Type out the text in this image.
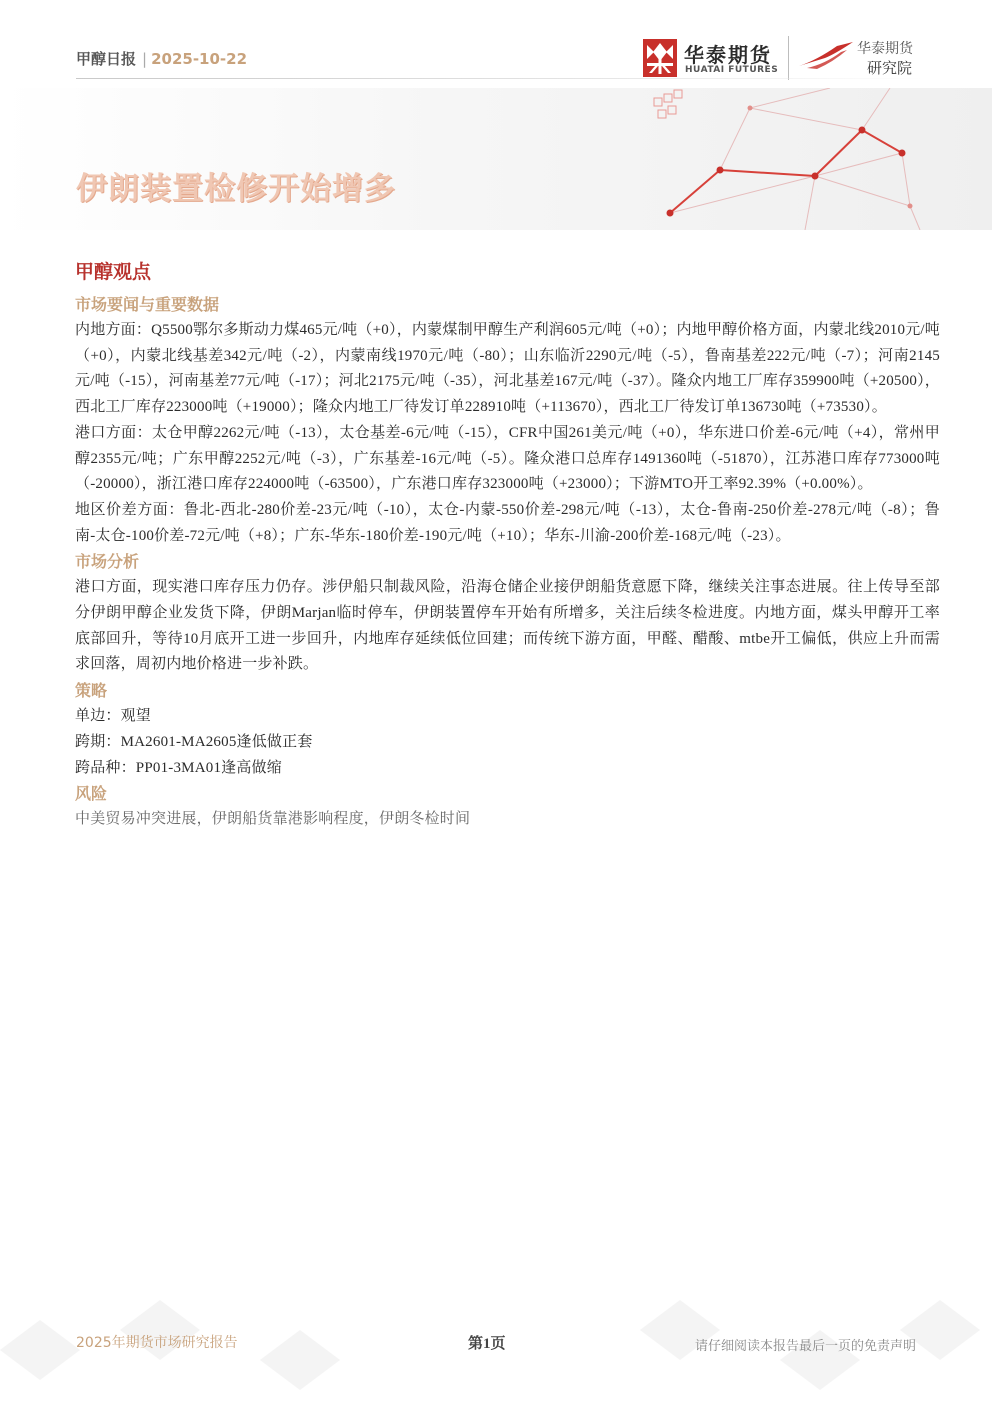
甲醇日报 | 2025-10-22	华泰期货
HUATAI FUTURES
华泰期货
研究院
伊朗装置检修开始增多
甲醇观点
市场要闻与重要数据

内地方面：Q5500鄂尔多斯动力煤465元/吨（+0），内蒙煤制甲醇生产利润605元/吨（+0）；内地甲醇价格方面，内蒙北线2010元/吨（+0），内蒙北线基差342元/吨（-2），内蒙南线1970元/吨（-80）；山东临沂2290元/吨（-5），鲁南基差222元/吨（-7）；河南2145元/吨（-15），河南基差77元/吨（-17）；河北2175元/吨（-35），河北基差167元/吨（-37）。隆众内地工厂库存359900吨（+20500），西北工厂库存223000吨（+19000）；隆众内地工厂待发订单228910吨（+113670），西北工厂待发订单136730吨（+73530）。

港口方面：太仓甲醇2262元/吨（-13），太仓基差-6元/吨（-15），CFR中国261美元/吨（+0），华东进口价差-6元/吨（+4），常州甲醇2355元/吨；广东甲醇2252元/吨（-3），广东基差-16元/吨（-5）。隆众港口总库存1491360吨（-51870），江苏港口库存773000吨（-20000），浙江港口库存224000吨（-63500），广东港口库存323000吨（+23000）；下游MTO开工率92.39%（+0.00%）。

地区价差方面：鲁北-西北-280价差-23元/吨（-10），太仓-内蒙-550价差-298元/吨（-13），太仓-鲁南-250价差-278元/吨（-8）；鲁南-太仓-100价差-72元/吨（+8）；广东-华东-180价差-190元/吨（+10）；华东-川渝-200价差-168元/吨（-23）。

市场分析

港口方面，现实港口库存压力仍存。涉伊船只制裁风险，沿海仓储企业接伊朗船货意愿下降，继续关注事态进展。往上传导至部分伊朗甲醇企业发货下降，伊朗Marjan临时停车，伊朗装置停车开始有所增多，关注后续冬检进度。内地方面，煤头甲醇开工率底部回升，等待10月底开工进一步回升，内地库存延续低位回建；而传统下游方面，甲醛、醋酸、mtbe开工偏低，供应上升而需求回落，周初内地价格进一步补跌。

策略

单边：观望

跨期：MA2601-MA2605逢低做正套

跨品种：PP01-3MA01逢高做缩

风险

中美贸易冲突进展，伊朗船货靠港影响程度，伊朗冬检时间

2025年期货市场研究报告	第1页	请仔细阅读本报告最后一页的免责声明
